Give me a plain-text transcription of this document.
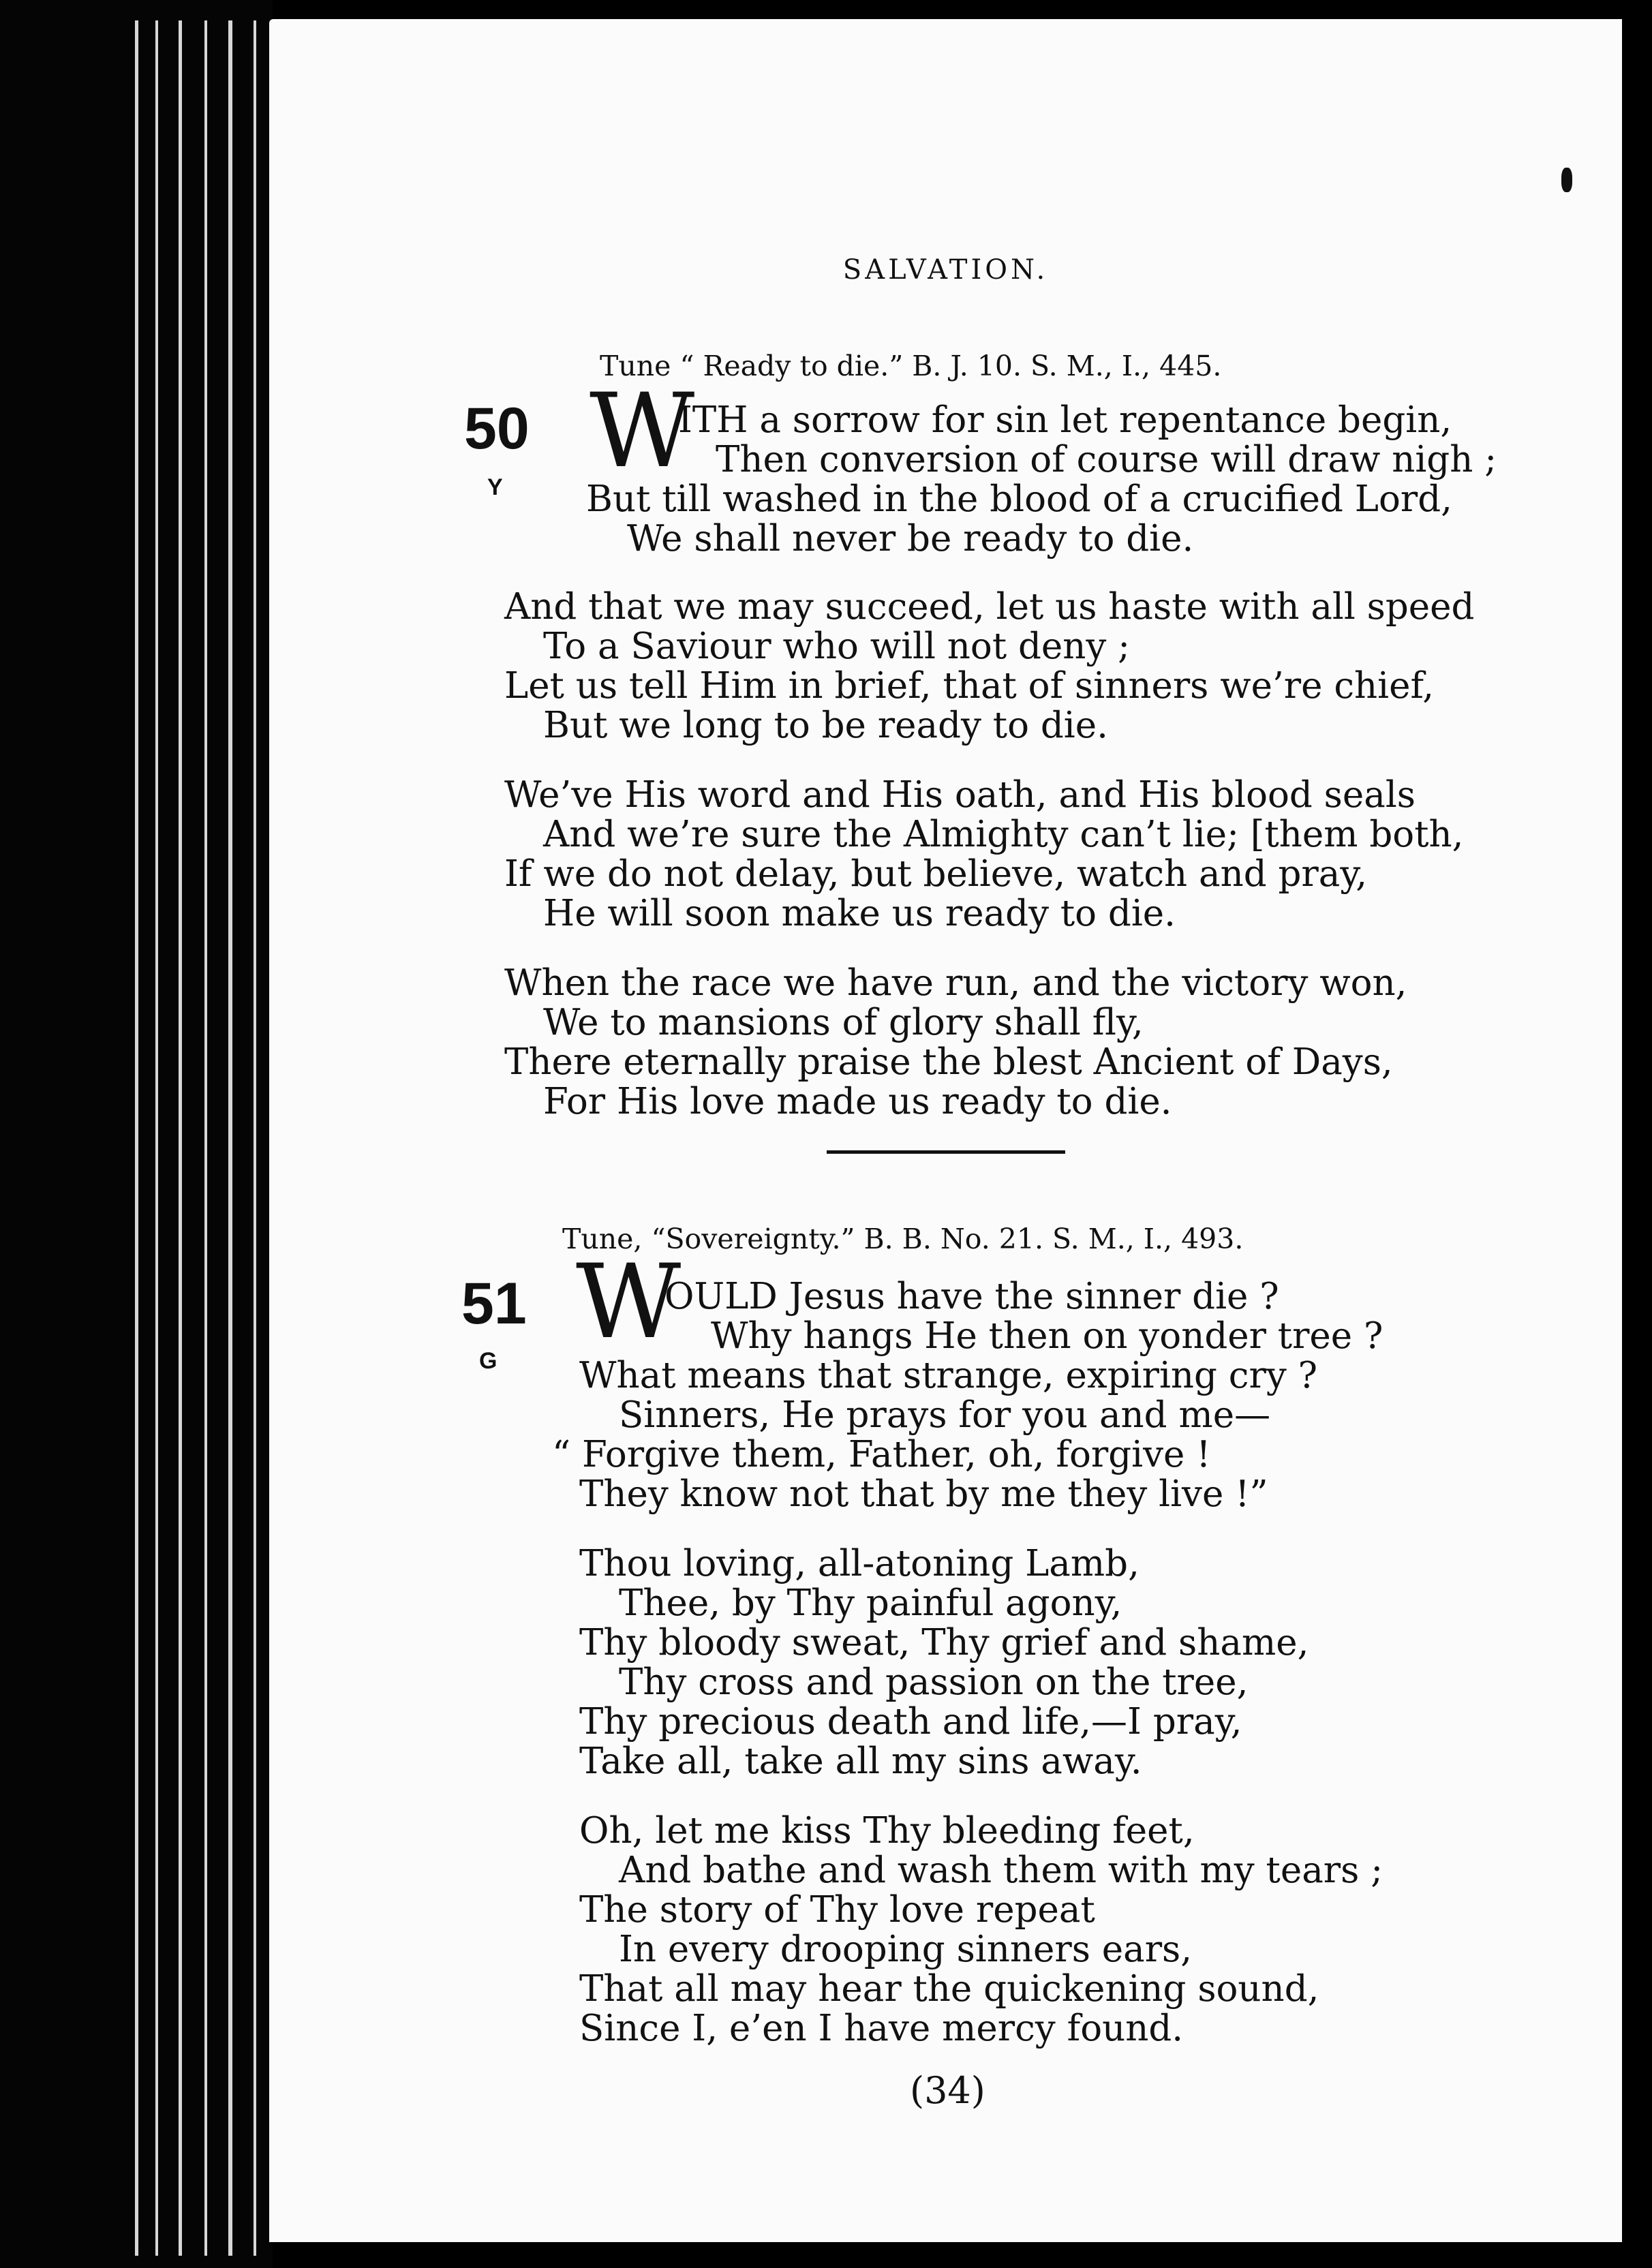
SALVATION.
Tune “ Ready to die.” B. J. 10. S. M., I., 445.
50
Y W
ITH a sorrow for sin let repentance begin,
Then conversion of course will draw nigh ;
But till washed in the blood of a crucified Lord,
We shall never be ready to die.
And that we may succeed, let us haste with all speed
To a Saviour who will not deny ;
Let us tell Him in brief, that of sinners we’re chief,
But we long to be ready to die.
We’ve His word and His oath, and His blood seals
And we’re sure the Almighty can’t lie; [them both,
If we do not delay, but believe, watch and pray,
He will soon make us ready to die.
When the race we have run, and the victory won,
We to mansions of glory shall fly,
There eternally praise the blest Ancient of Days,
For His love made us ready to die.
Tune, “Sovereignty.” B. B. No. 21. S. M., I., 493.
51
G W
OULD Jesus have the sinner die ?
Why hangs He then on yonder tree ?
What means that strange, expiring cry ?
Sinners, He prays for you and me—
“ Forgive them, Father, oh, forgive !
They know not that by me they live !”
Thou loving, all-atoning Lamb,
Thee, by Thy painful agony,
Thy bloody sweat, Thy grief and shame,
Thy cross and passion on the tree,
Thy precious death and life,—I pray,
Take all, take all my sins away.
Oh, let me kiss Thy bleeding feet,
And bathe and wash them with my tears ;
The story of Thy love repeat
In every drooping sinners ears,
That all may hear the quickening sound,
Since I, e’en I have mercy found.
(34)
